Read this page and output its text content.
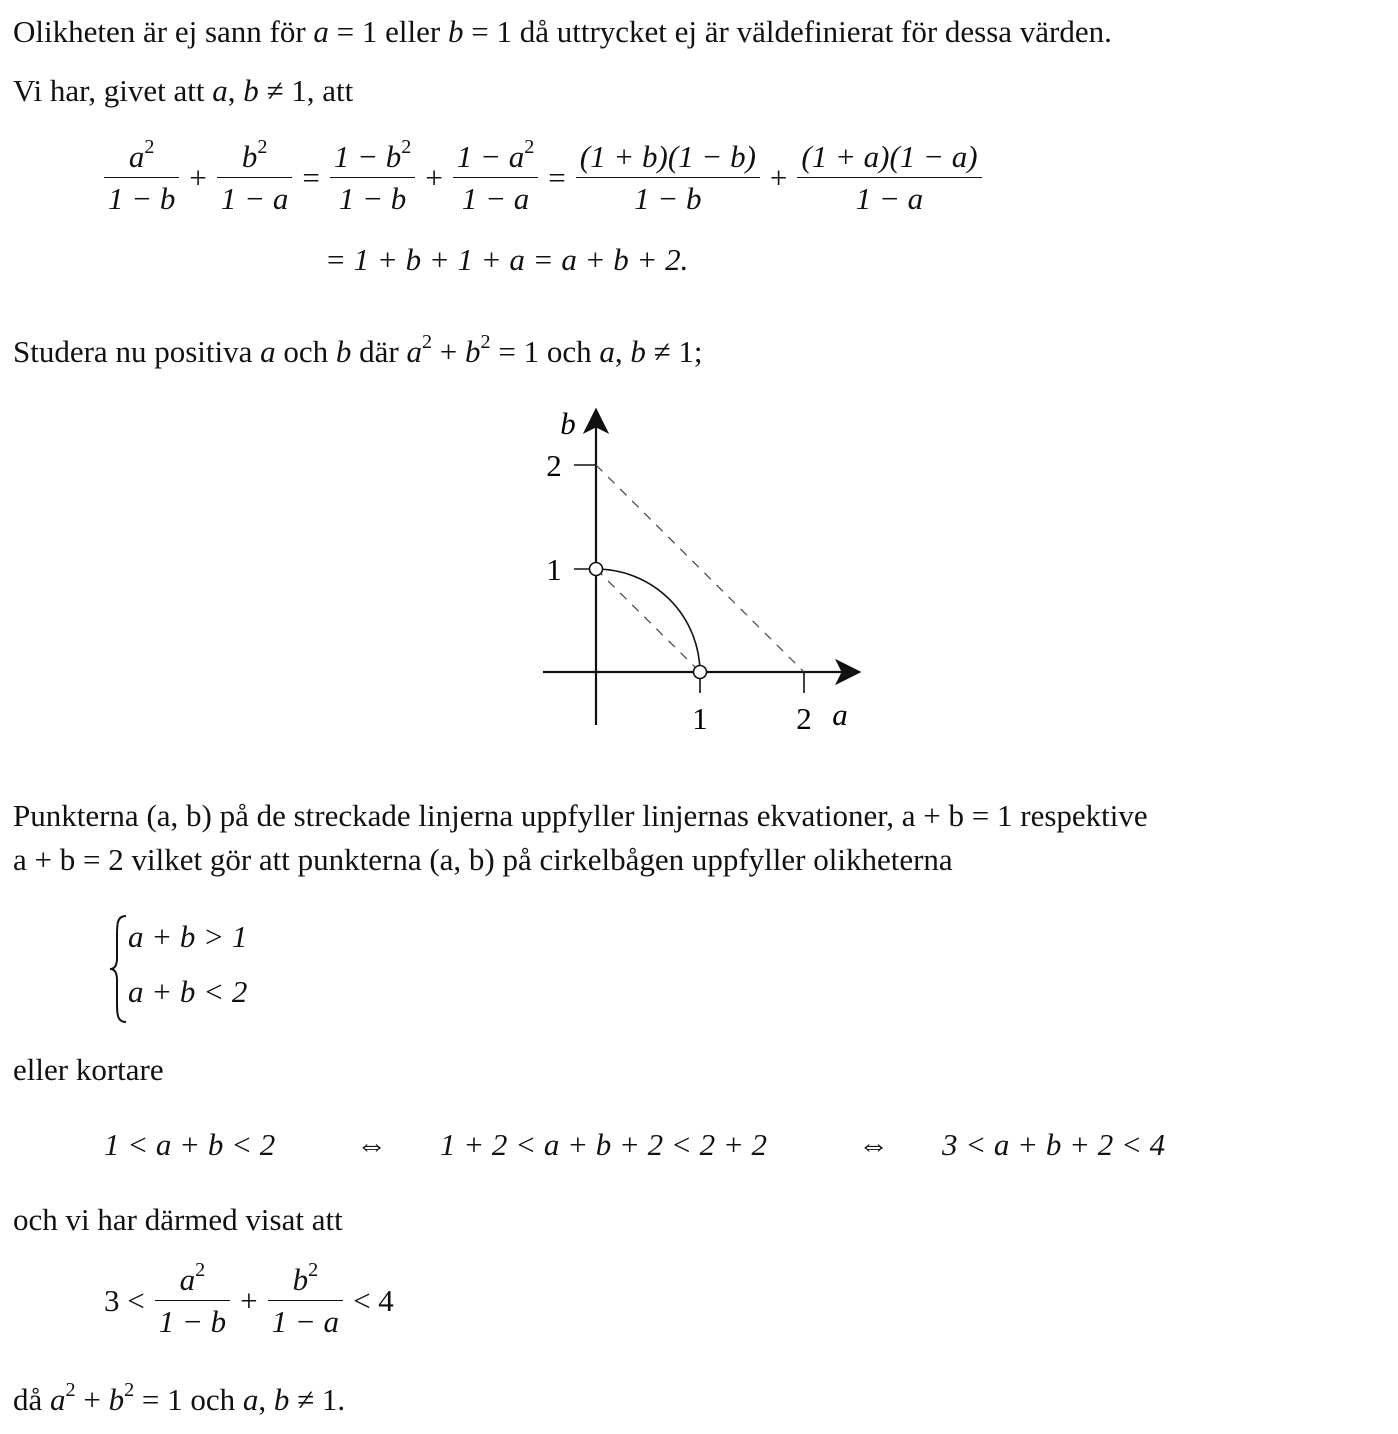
Olikheten är ej sann för a = 1 eller b = 1 då uttrycket ej är väldefinierat för dessa värden.
Vi har, givet att a, b ≠ 1, att
$\frac{a^2}{1 - b} + \frac{b^2}{1 - a} = \frac{1 - b^2}{1 - b} + \frac{1 - a^2}{1 - a} = \frac{(1 + b)(1 - b)}{1 - b} + \frac{(1 + a)(1 - a)}{1 - a}$
= 1 + b + 1 + a = a + b + 2.
Studera nu positiva a och b där $a^2 + b^2 = 1$ och a, b ≠ 1;
b
2
1
1	2 a
Punkterna (a, b) på de streckade linjerna uppfyller linjernas ekvationer, a + b = 1 respektive
a + b = 2 vilket gör att punkterna (a, b) på cirkelbågen uppfyller olikheterna
a + b > 1
a + b < 2
eller kortare
1 < a + b < 2	⇔ 1 + 2 < a + b + 2 < 2 + 2	⇔ 3 < a + b + 2 < 4
och vi har därmed visat att
$3 < \frac{a^2}{1 - b} + \frac{b^2}{1 - a} < 4$
då $a^2 + b^2 = 1$ och a, b ≠ 1.
